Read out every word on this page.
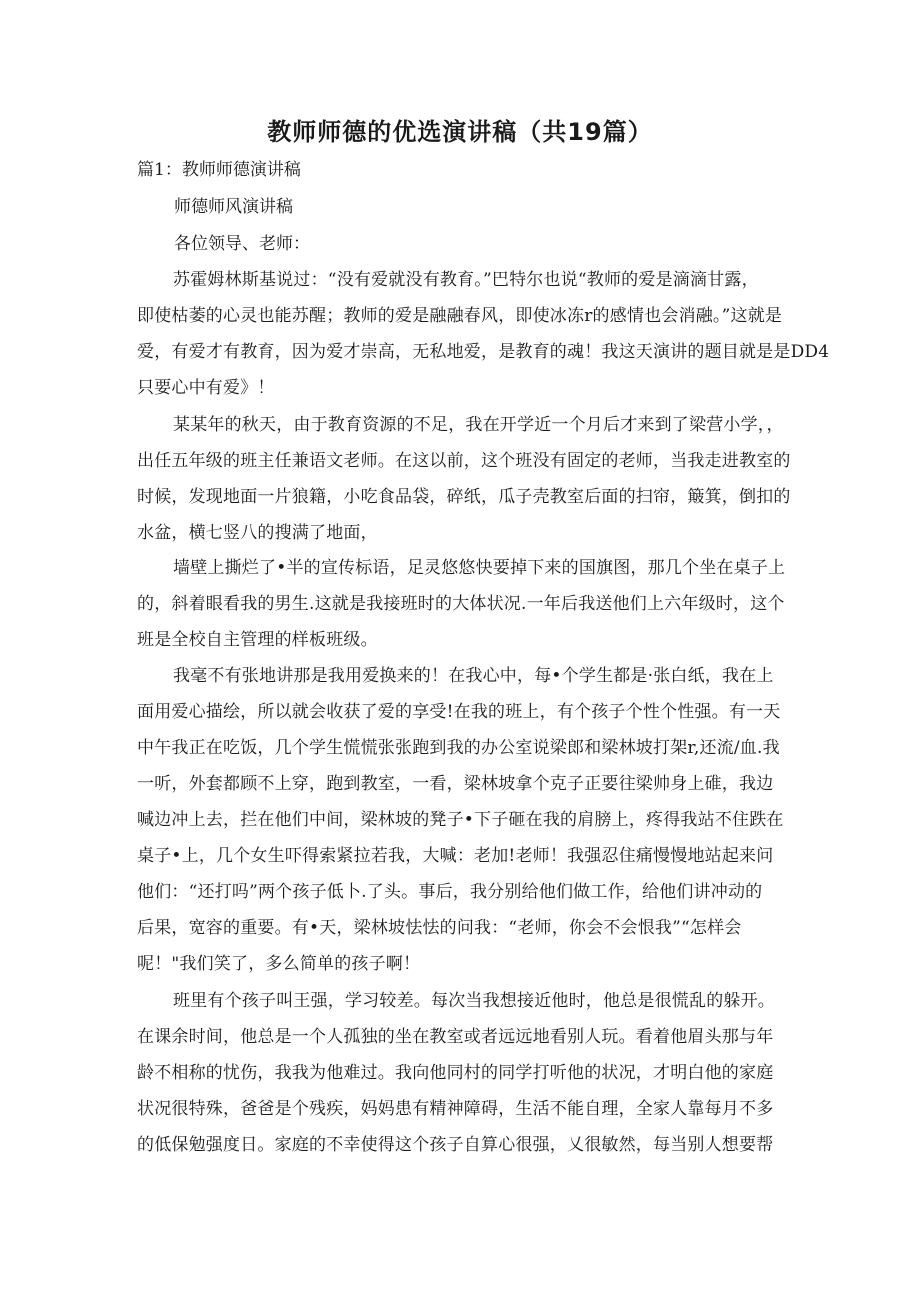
教师师德的优选演讲稿（共19篇）

篇1：教师师德演讲稿

师德师风演讲稿

各位领导、老师：

苏霍姆林斯基说过：“没有爱就没有教育。”巴特尔也说“教师的爱是滴滴甘露，
即使枯萎的心灵也能苏醒；教师的爱是融融春风，即使冰冻r的感情也会消融。”这就是
爱，有爱才有教育，因为爱才崇高，无私地爱，是教育的魂！我这天演讲的题目就是是DD4
只要心中有爱》！
某某年的秋天，由于教育资源的不足，我在开学近一个月后才来到了梁营小学，，
出任五年级的班主任兼语文老师。在这以前，这个班没有固定的老师，当我走进教室的
时候，发现地面一片狼籍，小吃食品袋，碎纸，瓜子壳教室后面的扫帘，簸箕，倒扣的
水盆，横七竖八的搜满了地面，
墙壁上撕烂了•半的宣传标语，足灵悠悠快要掉下来的国旗图，那几个坐在桌子上
的，斜着眼看我的男生.这就是我接班时的大体状况.一年后我送他们上六年级时，这个
班是全校自主管理的样板班级。
我毫不有张地讲那是我用爱换来的！在我心中，每•个学生都是·张白纸，我在上
面用爱心描绘，所以就会收获了爱的享受!在我的班上，有个孩子个性个性强。有一天
中午我正在吃饭，几个学生慌慌张张跑到我的办公室说梁郎和梁林坡打架r,还流/血.我
一听，外套都顾不上穿，跑到教室，一看，梁林坡拿个克子正要往梁帅身上碓，我边
喊边冲上去，拦在他们中间，梁林坡的凳子•下子砸在我的肩膀上，疼得我站不住跌在
桌子•上，几个女生吓得索紧拉若我，大喊：老加!老师！我强忍住痛慢慢地站起来问
他们：“还打吗”两个孩子低卜.了头。事后，我分别给他们做工作，给他们讲冲动的
后果，宽容的重要。有•天，梁林坡怯怯的问我：“老师，你会不会恨我”“怎样会
呢！"我们笑了，多么简单的孩子啊！
班里有个孩子叫王强，学习较差。每次当我想接近他时，他总是很慌乱的躲开。
在课余时间，他总是一个人孤独的坐在教室或者远远地看别人玩。看着他眉头那与年
龄不相称的忧伤，我我为他难过。我向他同村的同学打听他的状况，才明白他的家庭
状况很特殊，爸爸是个残疾，妈妈患有精神障碍，生活不能自理，全家人靠每月不多
的低保勉强度日。家庭的不幸使得这个孩子自算心很强，乂很敏然，每当别人想要帮
